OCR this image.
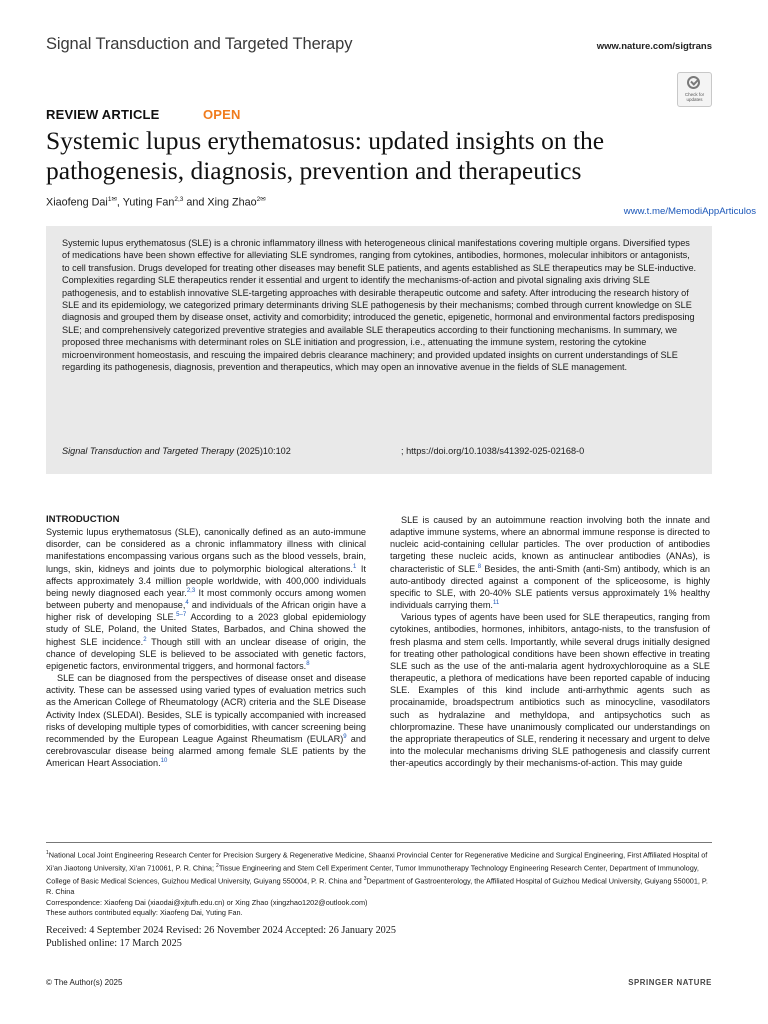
Signal Transduction and Targeted Therapy	www.nature.com/sigtrans
Check for updates
REVIEW ARTICLE	OPEN
Systemic lupus erythematosus: updated insights on the pathogenesis, diagnosis, prevention and therapeutics
Xiaofeng Dai$^{1✉}$, Yuting Fan$^{2,3}$ and Xing Zhao$^{2✉}$
www.t.me/MemodiAppArticulos
Systemic lupus erythematosus (SLE) is a chronic inflammatory illness with heterogeneous clinical manifestations covering multiple organs. Diversified types of medications have been shown effective for alleviating SLE syndromes, ranging from cytokines, antibodies, hormones, molecular inhibitors or antagonists, to cell transfusion. Drugs developed for treating other diseases may benefit SLE patients, and agents established as SLE therapeutics may be SLE-inductive. Complexities regarding SLE therapeutics render it essential and urgent to identify the mechanisms-of-action and pivotal signaling axis driving SLE pathogenesis, and to establish innovative SLE-targeting approaches with desirable therapeutic outcome and safety. After introducing the research history of SLE and its epidemiology, we categorized primary determinants driving SLE pathogenesis by their mechanisms; combed through current knowledge on SLE diagnosis and grouped them by disease onset, activity and comorbidity; introduced the genetic, epigenetic, hormonal and environmental factors predisposing SLE; and comprehensively categorized preventive strategies and available SLE therapeutics according to their functioning mechanisms. In summary, we proposed three mechanisms with determinant roles on SLE initiation and progression, i.e., attenuating the immune system, restoring the cytokine microenvironment homeostasis, and rescuing the impaired debris clearance machinery; and provided updated insights on current understandings of SLE regarding its pathogenesis, diagnosis, prevention and therapeutics, which may open an innovative avenue in the fields of SLE management.
Signal Transduction and Targeted Therapy (2025)10:102	; https://doi.org/10.1038/s41392-025-02168-0
INTRODUCTION

Systemic lupus erythematosus (SLE), canonically defined as an auto-immune disorder, can be considered as a chronic inflammatory illness with clinical manifestations encompassing various organs such as the blood vessels, brain, lungs, skin, kidneys and joints due to polymorphic biological alterations.$^1$ It affects approximately 3.4 million people worldwide, with 400,000 individuals being newly diagnosed each year.$^{2,3}$ It most commonly occurs among women between puberty and menopause,$^4$ and individuals of the African origin have a higher risk of developing SLE.$^{5-7}$ According to a 2023 global epidemiology study of SLE, Poland, the United States, Barbados, and China showed the highest SLE incidence.$^2$ Though still with an unclear disease of origin, the chance of developing SLE is believed to be associated with genetic factors, epigenetic factors, environmental triggers, and hormonal factors.$^8$

SLE can be diagnosed from the perspectives of disease onset and disease activity. These can be assessed using varied types of evaluation metrics such as the American College of Rheumatology (ACR) criteria and the SLE Disease Activity Index (SLEDAI). Besides, SLE is typically accompanied with increased risks of developing multiple types of comorbidities, with cancer screening being recommended by the European League Against Rheumatism (EULAR)$^9$ and cerebrovascular disease being alarmed among female SLE patients by the American Heart Association.$^{10}$

SLE is caused by an autoimmune reaction involving both the innate and adaptive immune systems, where an abnormal immune response is directed to nucleic acid-containing cellular particles. The over production of antibodies targeting these nucleic acids, known as antinuclear antibodies (ANAs), is characteristic of SLE.$^8$ Besides, the anti-Smith (anti-Sm) antibody, which is an auto-antibody directed against a component of the spliceosome, is highly specific to SLE, with 20-40% SLE patients versus approximately 1% healthy individuals carrying them.$^{11}$

Various types of agents have been used for SLE therapeutics, ranging from cytokines, antibodies, hormones, inhibitors, antago-nists, to the transfusion of fresh plasma and stem cells. Importantly, while several drugs initially designed for treating other pathological conditions have been shown effective in treating SLE such as the use of the anti-malaria agent hydroxychloroquine as a SLE therapeutic, a plethora of medications have been reported capable of inducing SLE. Examples of this kind include anti-arrhythmic agents such as procainamide, broadspectrum antibiotics such as minocycline, vasodilators such as hydralazine and methyldopa, and antipsychotics such as chlorpromazine. These have unanimously complicated our understandings on the appropriate therapeutics of SLE, rendering it necessary and urgent to delve into the molecular mechanisms driving SLE pathogenesis and classify current ther-apeutics accordingly by their mechanisms-of-action. This may guide

$^1$National Local Joint Engineering Research Center for Precision Surgery & Regenerative Medicine, Shaanxi Provincial Center for Regenerative Medicine and Surgical Engineering, First Affiliated Hospital of Xi'an Jiaotong University, Xi'an 710061, P. R. China; $^2$Tissue Engineering and Stem Cell Experiment Center, Tumor Immunotherapy Technology Engineering Research Center, Department of Immunology, College of Basic Medical Sciences, Guizhou Medical University, Guiyang 550004, P. R. China and $^3$Department of Gastroenterology, the Affiliated Hospital of Guizhou Medical University, Guiyang 550001, P. R. China
Correspondence: Xiaofeng Dai (xiaodai@xjtufh.edu.cn) or Xing Zhao (xingzhao1202@outlook.com)
These authors contributed equally: Xiaofeng Dai, Yuting Fan.
Received: 4 September 2024 Revised: 26 November 2024 Accepted: 26 January 2025
Published online: 17 March 2025
© The Author(s) 2025	SPRINGER NATURE
